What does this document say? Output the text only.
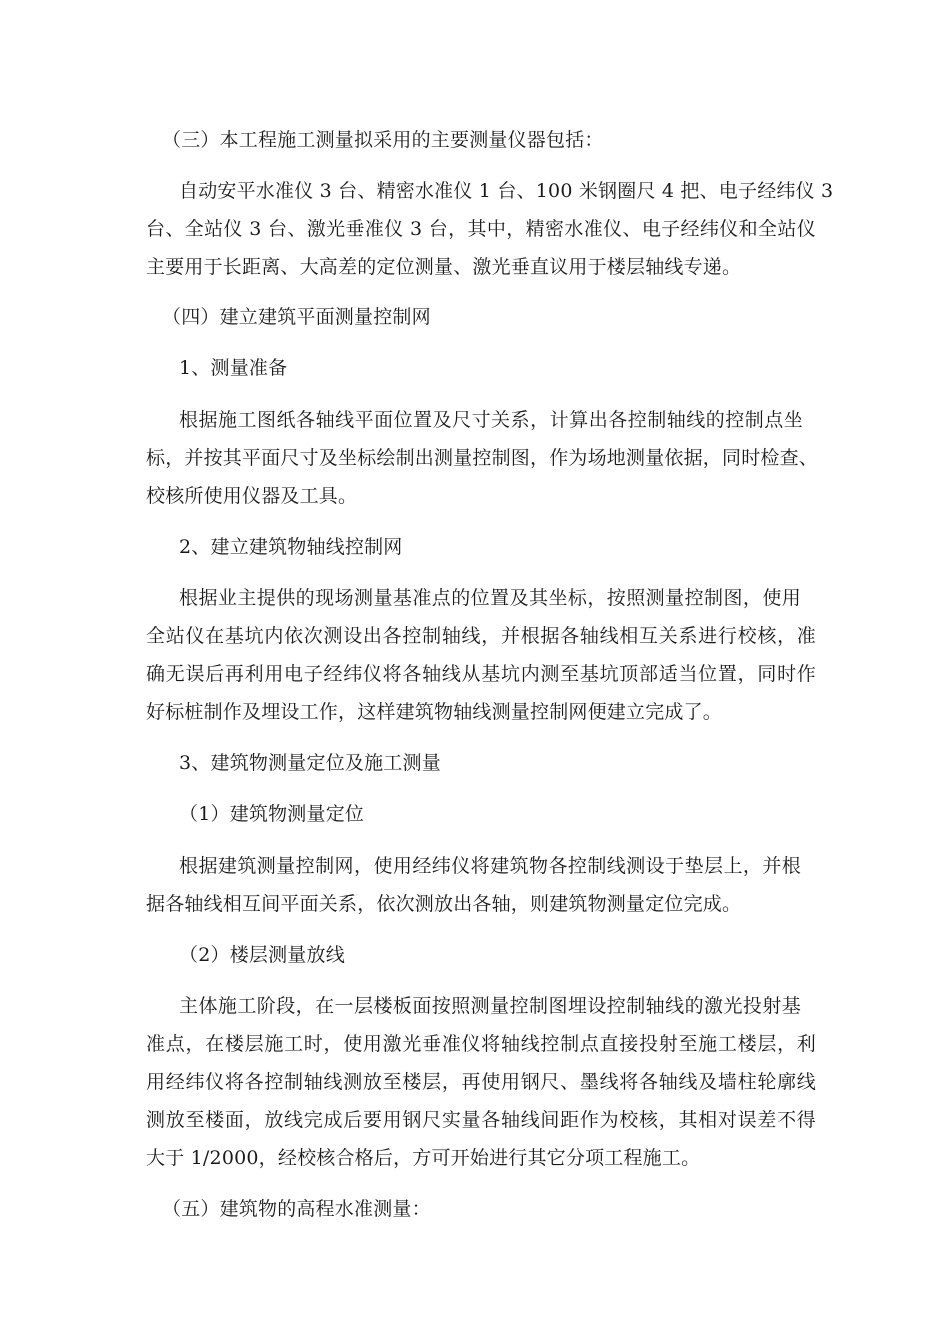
（三）本工程施工测量拟采用的主要测量仪器包括：
自动安平水准仪 3 台、精密水准仪 1 台、100 米钢圈尺 4 把、电子经纬仪 3
台、全站仪 3 台、激光垂准仪 3 台，其中，精密水准仪、电子经纬仪和全站仪
主要用于长距离、大高差的定位测量、激光垂直议用于楼层轴线专递。
（四）建立建筑平面测量控制网
1、测量准备
根据施工图纸各轴线平面位置及尺寸关系，计算出各控制轴线的控制点坐
标，并按其平面尺寸及坐标绘制出测量控制图，作为场地测量依据，同时检查、
校核所使用仪器及工具。
2、建立建筑物轴线控制网
根据业主提供的现场测量基准点的位置及其坐标，按照测量控制图，使用
全站仪在基坑内依次测设出各控制轴线，并根据各轴线相互关系进行校核，准
确无误后再利用电子经纬仪将各轴线从基坑内测至基坑顶部适当位置，同时作
好标桩制作及埋设工作，这样建筑物轴线测量控制网便建立完成了。
3、建筑物测量定位及施工测量
（1）建筑物测量定位
根据建筑测量控制网，使用经纬仪将建筑物各控制线测设于垫层上，并根
据各轴线相互间平面关系，依次测放出各轴，则建筑物测量定位完成。
（2）楼层测量放线
主体施工阶段，在一层楼板面按照测量控制图埋设控制轴线的激光投射基
准点，在楼层施工时，使用激光垂准仪将轴线控制点直接投射至施工楼层，利
用经纬仪将各控制轴线测放至楼层，再使用钢尺、墨线将各轴线及墙柱轮廓线
测放至楼面，放线完成后要用钢尺实量各轴线间距作为校核，其相对误差不得
大于 1/2000，经校核合格后，方可开始进行其它分项工程施工。
（五）建筑物的高程水准测量：
